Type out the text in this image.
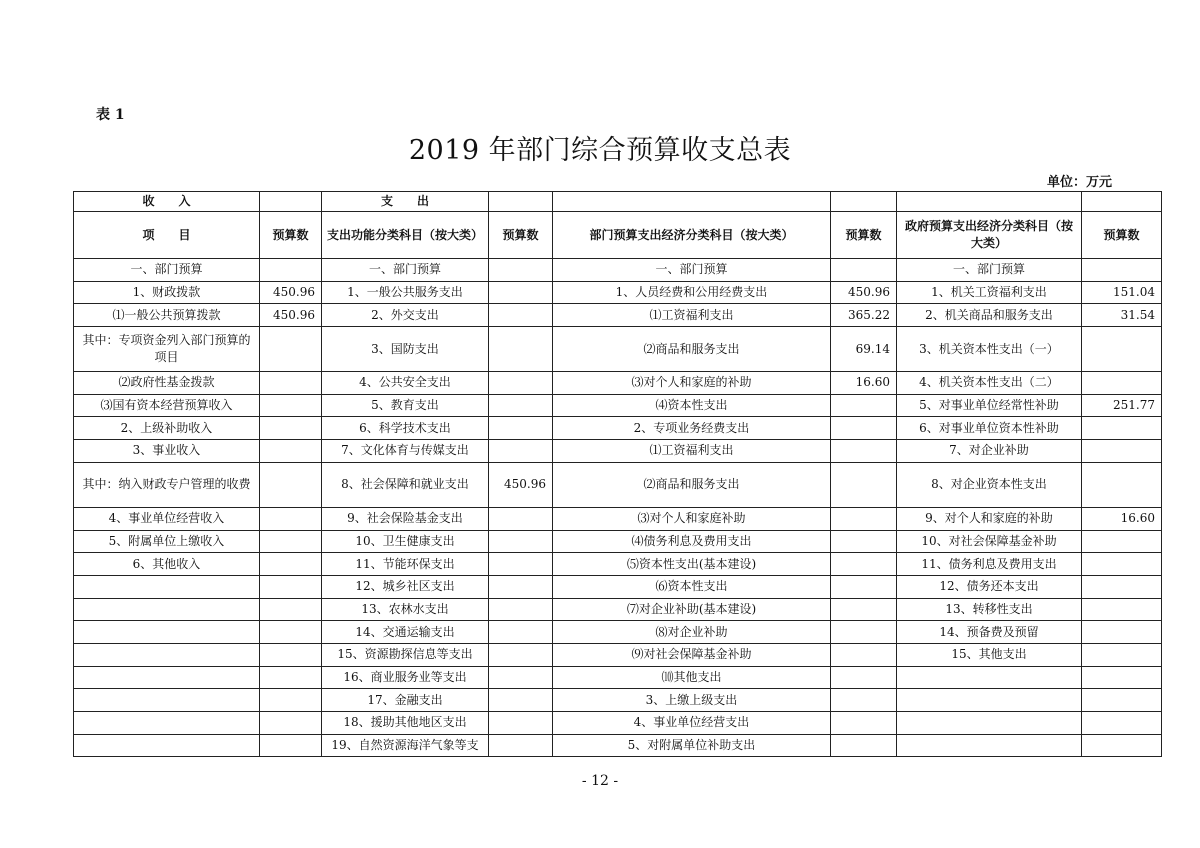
表 1
2019 年部门综合预算收支总表
单位：万元
收　　入		支　　出					
项　　目	预算数	支出功能分类科目（按大类）	预算数	部门预算支出经济分类科目（按大类）	预算数	政府预算支出经济分类科目（按大类）	预算数
一、部门预算		一、部门预算		一、部门预算		一、部门预算	
1、财政拨款	450.96	1、一般公共服务支出		1、人员经费和公用经费支出	450.96	1、机关工资福利支出	151.04
⑴一般公共预算拨款	450.96	2、外交支出		⑴工资福利支出	365.22	2、机关商品和服务支出	31.54
其中：专项资金列入部门预算的项目		3、国防支出		⑵商品和服务支出	69.14	3、机关资本性支出（一）	
⑵政府性基金拨款		4、公共安全支出		⑶对个人和家庭的补助	16.60	4、机关资本性支出（二）	
⑶国有资本经营预算收入		5、教育支出		⑷资本性支出		5、对事业单位经常性补助	251.77
2、上级补助收入		6、科学技术支出		2、专项业务经费支出		6、对事业单位资本性补助	
3、事业收入		7、文化体育与传媒支出		⑴工资福利支出		7、对企业补助	
其中：纳入财政专户管理的收费		8、社会保障和就业支出	450.96	⑵商品和服务支出		8、对企业资本性支出	
4、事业单位经营收入		9、社会保险基金支出		⑶对个人和家庭补助		9、对个人和家庭的补助	16.60
5、附属单位上缴收入		10、卫生健康支出		⑷债务利息及费用支出		10、对社会保障基金补助	
6、其他收入		11、节能环保支出		⑸资本性支出(基本建设)		11、债务利息及费用支出	
		12、城乡社区支出		⑹资本性支出		12、债务还本支出	
		13、农林水支出		⑺对企业补助(基本建设)		13、转移性支出	
		14、交通运输支出		⑻对企业补助		14、预备费及预留	
		15、资源勘探信息等支出		⑼对社会保障基金补助		15、其他支出	
		16、商业服务业等支出		⑽其他支出			
		17、金融支出		3、上缴上级支出			
		18、援助其他地区支出		4、事业单位经营支出			
		19、自然资源海洋气象等支		5、对附属单位补助支出			
- 12 -
